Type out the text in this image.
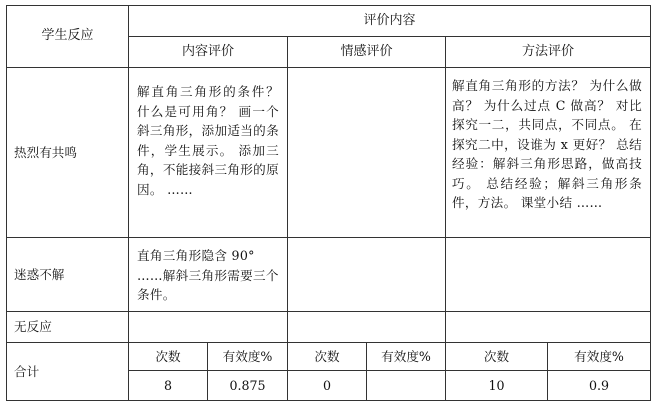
学生反应	评价内容					
	内容评价		情感评价		方法评价	
热烈有共鸣	解直角三角形的条件？ 什么是可用角？ 画一个斜三角形，添加适当的条件，学生展示。 添加三角，不能接斜三角形的原因。 ……				解直角三角形的方法？ 为什么做高？ 为什么过点 C 做高？ 对比探究一二，共同点，不同点。 在探究二中，设谁为 x 更好？ 总结经验：解斜三角形思路，做高技巧。 总结经验；解斜三角形条件，方法。 课堂小结 ……	
迷惑不解	直角三角形隐含 90° ……解斜三角形需要三个条件。					
无反应						
合计	次数	有效度%	次数	有效度%	次数	有效度%
	8	0.875	0		10	0.9
